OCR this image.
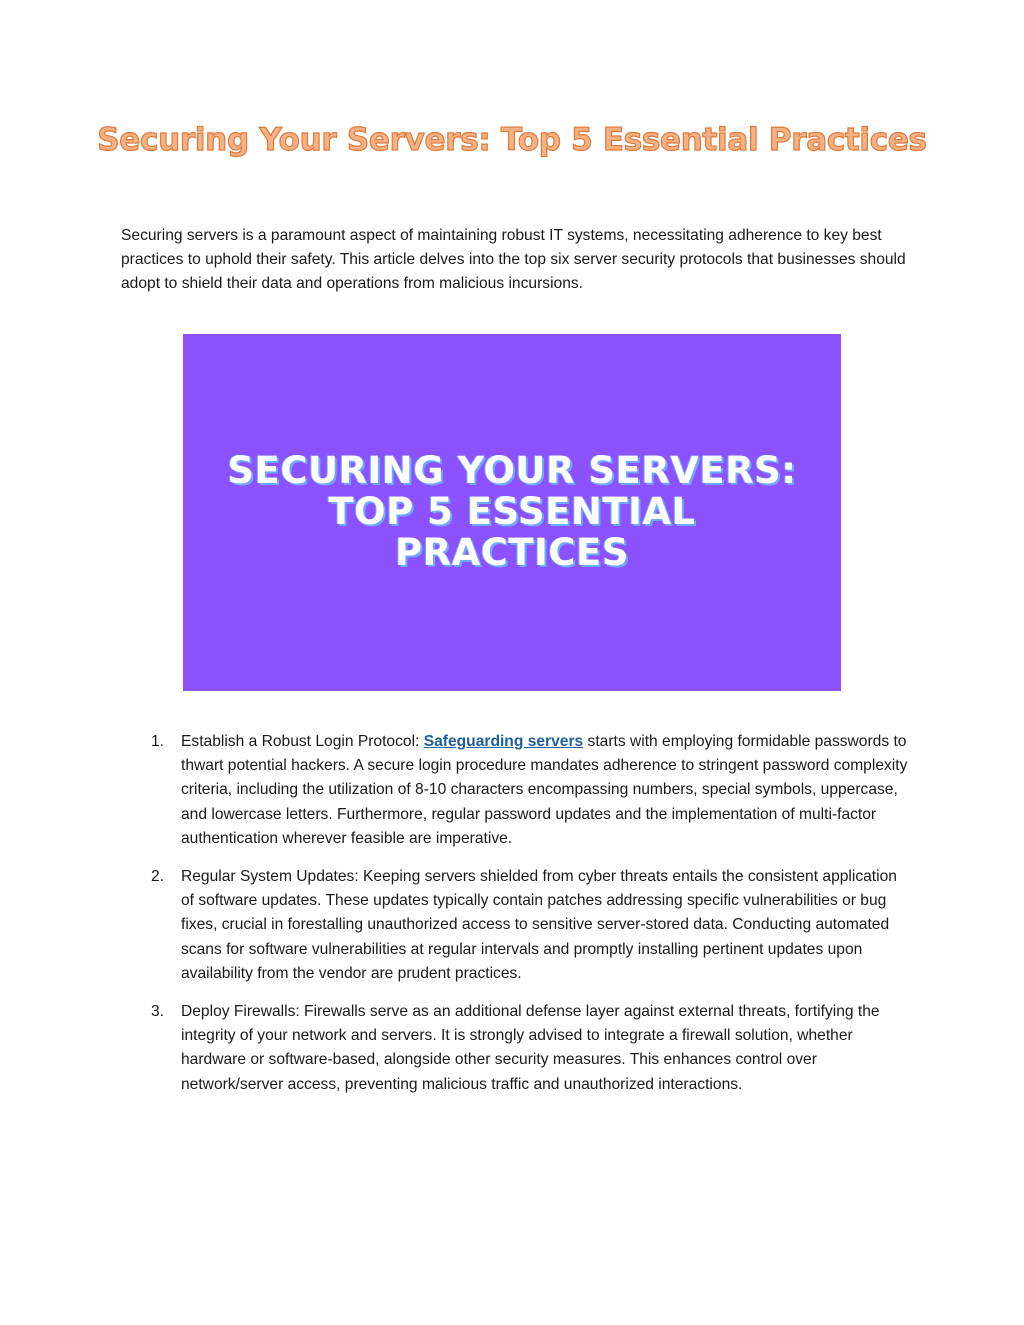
Securing Your Servers: Top 5 Essential Practices

Securing servers is a paramount aspect of maintaining robust IT systems, necessitating adherence to key best practices to uphold their safety. This article delves into the top six server security protocols that businesses should adopt to shield their data and operations from malicious incursions.

SECURING YOUR SERVERS:
TOP 5 ESSENTIAL
PRACTICES
1. Establish a Robust Login Protocol: Safeguarding servers starts with employing formidable passwords to thwart potential hackers. A secure login procedure mandates adherence to stringent password complexity criteria, including the utilization of 8-10 characters encompassing numbers, special symbols, uppercase, and lowercase letters. Furthermore, regular password updates and the implementation of multi-factor authentication wherever feasible are imperative.
2. Regular System Updates: Keeping servers shielded from cyber threats entails the consistent application of software updates. These updates typically contain patches addressing specific vulnerabilities or bug fixes, crucial in forestalling unauthorized access to sensitive server-stored data. Conducting automated scans for software vulnerabilities at regular intervals and promptly installing pertinent updates upon availability from the vendor are prudent practices.
3. Deploy Firewalls: Firewalls serve as an additional defense layer against external threats, fortifying the integrity of your network and servers. It is strongly advised to integrate a firewall solution, whether hardware or software-based, alongside other security measures. This enhances control over network/server access, preventing malicious traffic and unauthorized interactions.
